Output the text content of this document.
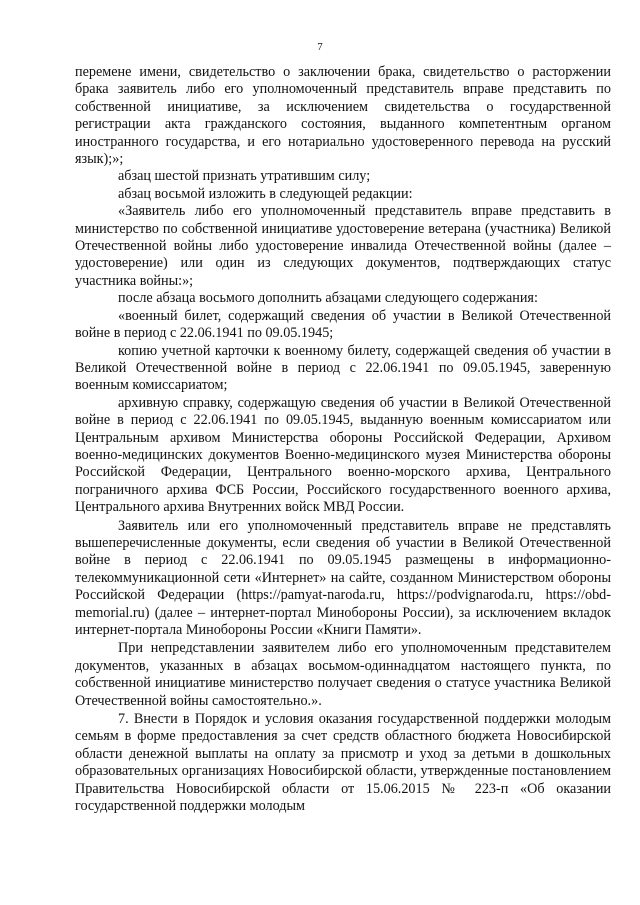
7

перемене имени, свидетельство о заключении брака, свидетельство о расторжении брака заявитель либо его уполномоченный представитель вправе представить по собственной инициативе, за исключением свидетельства о государственной регистрации акта гражданского состояния, выданного компетентным органом иностранного государства, и его нотариально удостоверенного перевода на русский язык);»;

абзац шестой признать утратившим силу;

абзац восьмой изложить в следующей редакции:

«Заявитель либо его уполномоченный представитель вправе представить в министерство по собственной инициативе удостоверение ветерана (участника) Великой Отечественной войны либо удостоверение инвалида Отечественной войны (далее – удостоверение) или один из следующих документов, подтверждающих статус участника войны:»;

после абзаца восьмого дополнить абзацами следующего содержания:

«военный билет, содержащий сведения об участии в Великой Отечественной войне в период с 22.06.1941 по 09.05.1945;

копию учетной карточки к военному билету, содержащей сведения об участии в Великой Отечественной войне в период с 22.06.1941 по 09.05.1945, заверенную военным комиссариатом;

архивную справку, содержащую сведения об участии в Великой Отечественной войне в период с 22.06.1941 по 09.05.1945, выданную военным комиссариатом или Центральным архивом Министерства обороны Российской Федерации, Архивом военно-медицинских документов Военно-медицинского музея Министерства обороны Российской Федерации, Центрального военно-морского архива, Центрального пограничного архива ФСБ России, Российского государственного военного архива, Центрального архива Внутренних войск МВД России.

Заявитель или его уполномоченный представитель вправе не представлять вышеперечисленные документы, если сведения об участии в Великой Отечественной войне в период с 22.06.1941 по 09.05.1945 размещены в информационно-телекоммуникационной сети «Интернет» на сайте, созданном Министерством обороны Российской Федерации (https://pamyat-naroda.ru, https://podvignaroda.ru, https://obd-memorial.ru) (далее – интернет-портал Минобороны России), за исключением вкладок интернет-портала Минобороны России «Книги Памяти».

При непредставлении заявителем либо его уполномоченным представителем документов, указанных в абзацах восьмом-одиннадцатом настоящего пункта, по собственной инициативе министерство получает сведения о статусе участника Великой Отечественной войны самостоятельно.».

7. Внести в Порядок и условия оказания государственной поддержки молодым семьям в форме предоставления за счет средств областного бюджета Новосибирской области денежной выплаты на оплату за присмотр и уход за детьми в дошкольных образовательных организациях Новосибирской области, утвержденные постановлением Правительства Новосибирской области от 15.06.2015 № 223-п «Об оказании государственной поддержки молодым
